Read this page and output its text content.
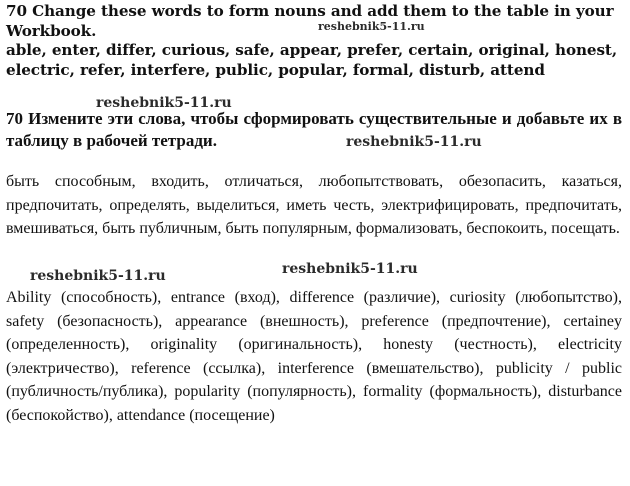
70 Change these words to form nouns and add them to the table in your Workbook.
able, enter, differ, curious, safe, appear, prefer, certain, original, honest, electric, refer, interfere, public, popular, formal, disturb, attend
70 Измените эти слова, чтобы сформировать существительные и добавьте их в таблицу в рабочей тетради.
быть способным, входить, отличаться, любопытствовать, обезопасить, казаться, предпочитать, определять, выделиться, иметь честь, электрифицировать, предпочитать, вмешиваться, быть публичным, быть популярным, формализовать, беспокоить, посещать.
Ability (способность), entrance (вход), difference (различие), curiosity (любопытство), safety (безопасность), appearance (внешность), preference (предпочтение), certainey (определенность), originality (оригинальность), honesty (честность), electricity (электричество), reference (ссылка), interference (вмешательство), publicity / public (публичность/публика), popularity (популярность), formality (формальность), disturbance (беспокойство), attendance (посещение)
reshebnik5-11.ru
reshebnik5-11.ru
reshebnik5-11.ru
reshebnik5-11.ru	reshebnik5-11.ru
